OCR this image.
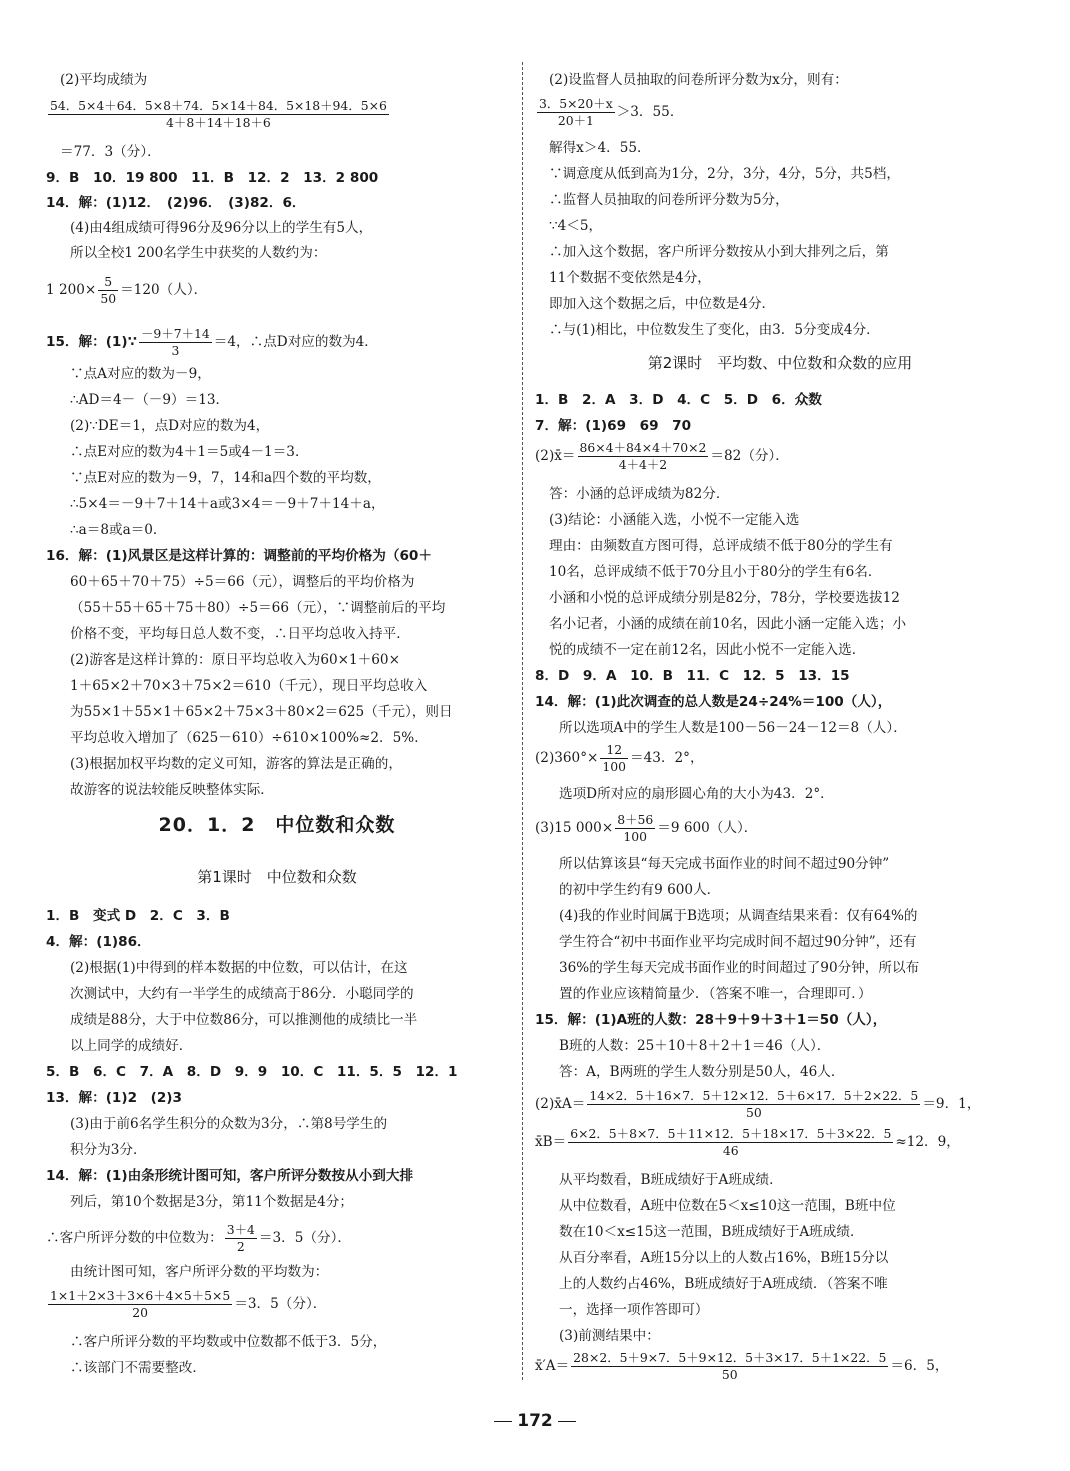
(2)平均成绩为
$\frac{54.5\times 4+64.5\times 8+74.5\times 14+84.5\times 18+94.5\times 6}{4+8+14+18+6}$
＝77．3（分）．
9．B　10．19 800　11．B　12．2　13．2 800
14．解：(1)12．　(2)96．　(3)82．6．
(4)由4组成绩可得96分及96分以上的学生有5人，
所以全校1 200名学生中获奖的人数约为：
1 $200\times \frac{5}{50} =120$（人）．
15．解：(1)∵ $\frac{-9+7+14}{3} =4$，∴点D对应的数为4．
∵点A对应的数为－9，
∴AD＝4－（－9）＝13．
(2)∵DE＝1，点D对应的数为4，
∴点E对应的数为4＋1＝5或4－1＝3．
∵点E对应的数为－9，7，14和a四个数的平均数，
∴5×4＝－9＋7＋14＋a或3×4＝－9＋7＋14＋a，
∴a＝8或a＝0．
16．解：(1)风景区是这样计算的：调整前的平均价格为（60＋
60＋65＋70＋75）÷5＝66（元），调整后的平均价格为
（55＋55＋65＋75＋80）÷5＝66（元），∵调整前后的平均
价格不变，平均每日总人数不变，∴日平均总收入持平．
(2)游客是这样计算的：原日平均总收入为60×1＋60×
1＋65×2＋70×3＋75×2＝610（千元），现日平均总收入
为55×1＋55×1＋65×2＋75×3＋80×2＝625（千元），则日
平均总收入增加了（625－610）÷610×100%≈2．5%．
(3)根据加权平均数的定义可知，游客的算法是正确的，
故游客的说法较能反映整体实际．
20．1．2　中位数和众数
第1课时　中位数和众数
1．B　变式 D　2．C　3．B
4．解：(1)86．
(2)根据(1)中得到的样本数据的中位数，可以估计，在这
次测试中，大约有一半学生的成绩高于86分．小聪同学的
成绩是88分，大于中位数86分，可以推测他的成绩比一半
以上同学的成绩好．
5．B　6．C　7．A　8．D　9．9　10．C　11．5．5　12．1
13．解：(1)2　(2)3
(3)由于前6名学生积分的众数为3分，∴第8号学生的
积分为3分．
14．解：(1)由条形统计图可知，客户所评分数按从小到大排
列后，第10个数据是3分，第11个数据是4分；
∴客户所评分数的中位数为： $\frac{3+4}{2} =3$．5（分）．
由统计图可知，客户所评分数的平均数为：
$\frac{1\times 1+2\times 3+3\times 6+4\times 5+5\times 5}{20} =3$．5（分）．
∴客户所评分数的平均数或中位数都不低于3．5分，
∴该部门不需要整改．
(2)设监督人员抽取的问卷所评分数为x分，则有：
$\frac{3.5\times 20+x}{20+1} >3$．55．
解得x＞4．55．
∵调意度从低到高为1分，2分，3分，4分，5分，共5档，
∴监督人员抽取的问卷所评分数为5分，
∵4＜5，
∴加入这个数据，客户所评分数按从小到大排列之后，第
11个数据不变依然是4分，
即加入这个数据之后，中位数是4分．
∴与(1)相比，中位数发生了变化，由3．5分变成4分．
第2课时　平均数、中位数和众数的应用
1．B　2．A　3．D　4．C　5．D　6．众数
7．解：(1)69　69　70
(2)x̄＝ $\frac{86\times 4+84\times 4+70\times 2}{4+4+2} =82$（分）．
答：小涵的总评成绩为82分．
(3)结论：小涵能入选，小悦不一定能入选
理由：由频数直方图可得，总评成绩不低于80分的学生有
10名，总评成绩不低于70分且小于80分的学生有6名．
小涵和小悦的总评成绩分别是82分，78分，学校要选拔12
名小记者，小涵的成绩在前10名，因此小涵一定能入选；小
悦的成绩不一定在前12名，因此小悦不一定能入选．
8．D　9．A　10．B　11．C　12．5　13．15
14．解：(1)此次调查的总人数是24÷24%＝100（人），
所以选项A中的学生人数是100－56－24－12＝8（人）．
$(2)360^\circ\times \frac{12}{100} =43$．2°，
选项D所对应的扇形圆心角的大小为43．2°．
(3)15 $000\times \frac{8+56}{100} =9$ 600（人）．
所以估算该县“每天完成书面作业的时间不超过90分钟”
的初中学生约有9 600人．
(4)我的作业时间属于B选项；从调查结果来看：仅有64%的
学生符合“初中书面作业平均完成时间不超过90分钟”，还有
36%的学生每天完成书面作业的时间超过了90分钟，所以布
置的作业应该精简量少．（答案不唯一，合理即可．）
15．解：(1)A班的人数：28＋9＋9＋3＋1＝50（人），
B班的人数：25＋10＋8＋2＋1＝46（人）．
答：A，B两班的学生人数分别是50人，46人．
(2)x̄A＝ $\frac{14\times 2.5+16\times 7.5+12\times 12.5+6\times 17.5+2\times 22.5}{50} =9$．1，
x̄B＝ $\frac{6\times 2.5+8\times 7.5+11\times 12.5+18\times 17.5+3\times 22.5}{46} \approx 12$．9，
从平均数看，B班成绩好于A班成绩．
从中位数看，A班中位数在5＜x≤10这一范围，B班中位
数在10＜x≤15这一范围，B班成绩好于A班成绩．
从百分率看，A班15分以上的人数占16%，B班15分以
上的人数约占46%，B班成绩好于A班成绩．（答案不唯
一，选择一项作答即可）
(3)前测结果中：
x̄′A＝ $\frac{28\times 2.5+9\times 7.5+9\times 12.5+3\times 17.5+1\times 22.5}{50} =6$．5，
172
